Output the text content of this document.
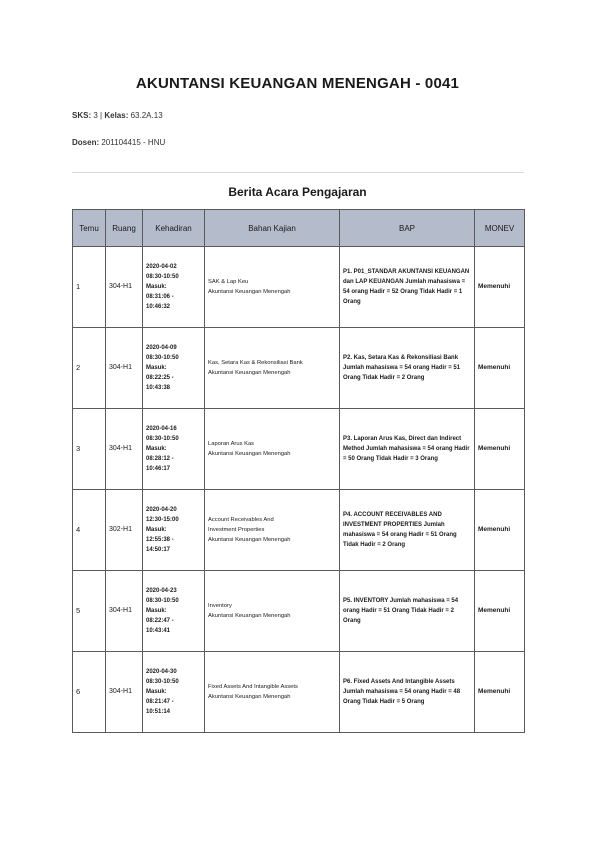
AKUNTANSI KEUANGAN MENENGAH - 0041
SKS: 3 | Kelas: 63.2A.13
Dosen: 201104415 - HNU
Berita Acara Pengajaran
Temu	Ruang	Kehadiran	Bahan Kajian	BAP	MONEV
1	304-H1	2020-04-02
08:30-10:50
Masuk:
08:31:06 -
10:46:32	SAK & Lap Keu
Akuntansi Keuangan Menengah	P1. P01_STANDAR AKUNTANSI KEUANGAN dan LAP KEUANGAN Jumlah mahasiswa = 54 orang Hadir = 52 Orang Tidak Hadir = 1 Orang	Memenuhi
2	304-H1	2020-04-09
08:30-10:50
Masuk:
08:22:25 -
10:43:38	Kas, Setara Kas & Rekonsiliasi Bank
Akuntansi Keuangan Menengah	P2. Kas, Setara Kas & Rekonsiliasi Bank Jumlah mahasiswa = 54 orang Hadir = 51 Orang Tidak Hadir = 2 Orang	Memenuhi
3	304-H1	2020-04-16
08:30-10:50
Masuk:
08:28:12 -
10:46:17	Laporan Arus Kas
Akuntansi Keuangan Menengah	P3. Laporan Arus Kas, Direct dan Indirect Method Jumlah mahasiswa = 54 orang Hadir = 50 Orang Tidak Hadir = 3 Orang	Memenuhi
4	302-H1	2020-04-20
12:30-15:00
Masuk:
12:55:38 -
14:50:17	Account Receivables And
Investment Properties
Akuntansi Keuangan Menengah	P4. ACCOUNT RECEIVABLES AND INVESTMENT PROPERTIES Jumlah mahasiswa = 54 orang Hadir = 51 Orang Tidak Hadir = 2 Orang	Memenuhi
5	304-H1	2020-04-23
08:30-10:50
Masuk:
08:22:47 -
10:43:41	Inventory
Akuntansi Keuangan Menengah	P5. INVENTORY Jumlah mahasiswa = 54 orang Hadir = 51 Orang Tidak Hadir = 2 Orang	Memenuhi
6	304-H1	2020-04-30
08:30-10:50
Masuk:
08:21:47 -
10:51:14	Fixed Assets And Intangible Assets
Akuntansi Keuangan Menengah	P6. Fixed Assets And Intangible Assets Jumlah mahasiswa = 54 orang Hadir = 48 Orang Tidak Hadir = 5 Orang	Memenuhi
